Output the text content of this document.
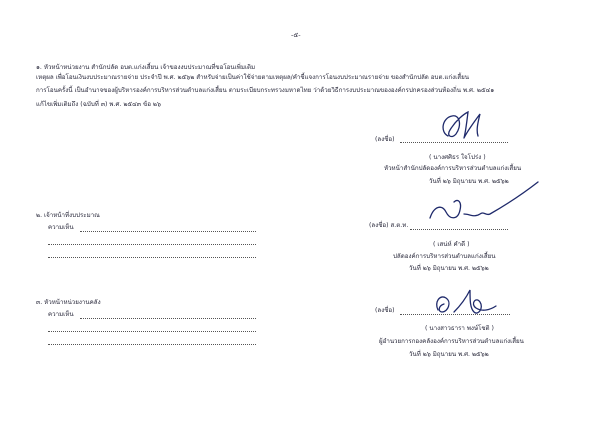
-๕-
๑. หัวหน้าหน่วยงาน สำนักปลัด อบต.แก่งเสี้ยน เจ้าของงบประมาณที่ขอโอนเพิ่มเติม
เหตุผล เพื่อโอนเงินงบประมาณรายจ่าย ประจำปี พ.ศ. ๒๕๖๒ สำหรับจ่ายเป็นค่าใช้จ่ายตามเหตุผล/คำชี้แจงการโอนงบประมาณรายจ่าย ของสำนักปลัด อบต.แก่งเสี้ยน
การโอนครั้งนี้ เป็นอำนาจของผู้บริหารองค์การบริหารส่วนตำบลแก่งเสี้ยน ตามระเบียบกระทรวงมหาดไทย ว่าด้วยวิธีการงบประมาณขององค์กรปกครองส่วนท้องถิ่น พ.ศ. ๒๕๔๑
แก้ไขเพิ่มเติมถึง (ฉบับที่ ๓) พ.ศ. ๒๕๔๓ ข้อ ๒๖
(ลงชื่อ)
( นางศศิธร ใจโปร่ง )
หัวหน้าสำนักปลัดองค์การบริหารส่วนตำบลแก่งเสี้ยน
วันที่ ๒๖ มิถุนายน พ.ศ. ๒๕๖๒
๒. เจ้าหน้าที่งบประมาณ
ความเห็น	(ลงชื่อ) ส.ต.ท.
( เสน่ห์ คำดี )
ปลัดองค์การบริหารส่วนตำบลแก่งเสี้ยน
วันที่ ๒๖ มิถุนายน พ.ศ. ๒๕๖๒
๓. หัวหน้าหน่วยงานคลัง
ความเห็น
(ลงชื่อ)
( นางสาวธารา พงษ์โชติ )
ผู้อำนวยการกองคลังองค์การบริหารส่วนตำบลแก่งเสี้ยน
วันที่ ๒๖ มิถุนายน พ.ศ. ๒๕๖๒
